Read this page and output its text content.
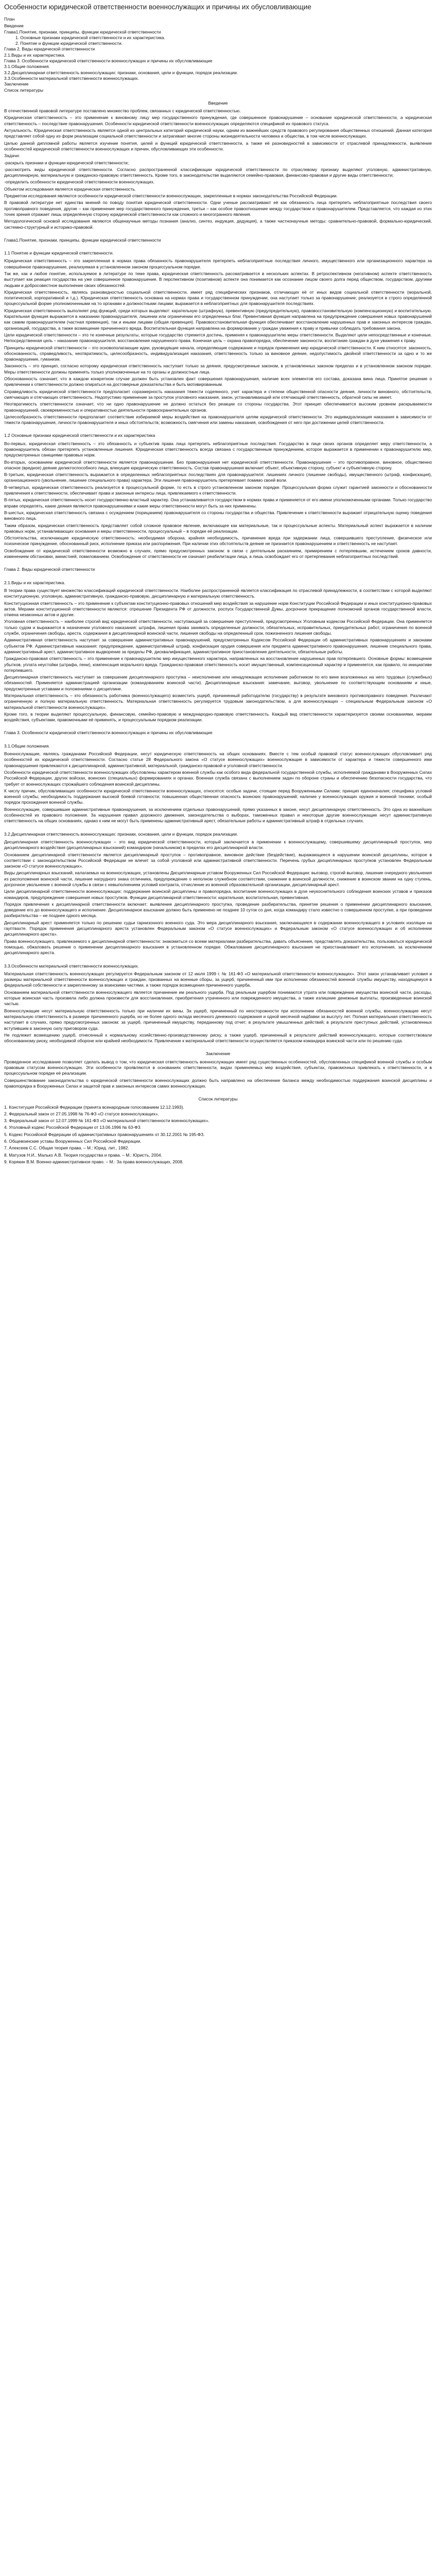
Особенности юридической ответственности военнослужащих и причины их обусловливающие
План
Введение
Глава1.Понятие, признаки, принципы, функции юридической ответственности
1. Основные признаки юридической ответственности и их характеристика.
2. Понятие и функции юридической ответственности.
Глава 2. Виды юридической ответственности
2.1.Виды и их характеристика.
Глава 3. Особенности юридической ответственности военнослужащих и причины их обусловливающие
3.1.Общие положения.
3.2.Дисциплинарная ответственность военнослужащих: признаки, основания, цели и функции, порядок реализации.
3.3.Особенности материальной ответственности военнослужащих.
Заключение
Список литературы
Введение

В отечественной правовой литературе поставлено множество проблем, связанных с юридической ответственностью.

Юридическая ответственность – это применение к виновному лицу мер государственного принуждения, где совершенное правонарушение – основание юридической ответственности, а юридическая ответственность – последствие правонарушения. Особенности юридической ответственности военнослужащих определяются спецификой их правового статуса.

Актуальность. Юридическая ответственность является одной из центральных категорий юридической науки, одним из важнейших средств правового регулирования общественных отношений. Данная категория представляет собой одну из форм реализации социальной ответственности и затрагивает многие стороны жизнедеятельности человека и общества, в том числе военнослужащих.

Целью данной дипломной работы является изучение понятия, целей и функций юридической ответственности, а также её разновидностей в зависимости от отраслевой принадлежности, выявление особенностей юридической ответственности военнослужащих и причин, обусловливающих эти особенности.

Задачи:

-раскрыть признаки и функции юридической ответственности;

-рассмотреть виды юридической ответственности. Согласно распространенной классификации юридической ответственности по отраслевому признаку выделяют уголовную, административную, дисциплинарную, материальную и гражданско-правовую ответственность. Кроме того, в законодательстве выделяются семейно-правовая, финансово-правовая и другие виды ответственности;

-определить особенности юридической ответственности военнослужащих.

Объектом исследования является юридическая ответственность.

Предметом исследования являются особенности юридической ответственности военнослужащих, закрепленные в нормах законодательства Российской Федерации.

В правовой литературе нет единства мнений по поводу понятия юридической ответственности. Одни ученые рассматривают её как обязанность лица претерпеть неблагоприятные последствия своего противоправного поведения, другие – как применение мер государственного принуждения, третьи – как особое правоотношение между государством и правонарушителем. Представляется, что каждая из этих точек зрения отражает лишь определённую сторону юридической ответственности как сложного и многогранного явления.

Методологической основой исследования являются общенаучные методы познания (анализ, синтез, индукция, дедукция), а также частнонаучные методы: сравнительно-правовой, формально-юридический, системно-структурный и историко-правовой.

Глава1.Понятие, признаки, принципы, функции юридической ответственности
1.1 Понятие и функции юридической ответственности.

Юридическая ответственность – это закрепленная в нормах права обязанность правонарушителя претерпеть неблагоприятные последствия личного, имущественного или организационного характера за совершённое правонарушение, реализуемая в установленном законом процессуальном порядке.

Так же, как и любое понятие, используемое в литературе по теме права, юридическая ответственность рассматривается в нескольких аспектах. В ретроспективном (негативном) аспекте ответственность выступает как реакция государства на уже совершенное правонарушение. В перспективном (позитивном) аспекте она понимается как осознание лицом своего долга перед обществом, государством, другими людьми и добросовестное выполнение своих обязанностей.

Юридическая ответственность, являясь разновидностью социальной ответственности, имеет ряд специфических признаков, отличающих её от иных видов социальной ответственности (моральной, политической, корпоративной и т.д.). Юридическая ответственность основана на нормах права и государственном принуждении; она наступает только за правонарушение; реализуется в строго определенной процессуальной форме уполномоченными на то органами и должностными лицами; выражается в неблагоприятных для правонарушителя последствиях.

Юридическая ответственность выполняет ряд функций, среди которых выделяют: карательную (штрафную), превентивную (предупредительную), правовосстановительную (компенсационную) и воспитательную. Карательная функция выражается в наказании правонарушителя, лишении или ограничении его определенных благ. Превентивная функция направлена на предупреждение совершения новых правонарушений как самим правонарушителем (частная превенция), так и иными лицами (общая превенция). Правовосстановительная функция обеспечивает восстановление нарушенных прав и законных интересов граждан, организаций, государства, а также возмещение причиненного вреда. Воспитательная функция направлена на формирование у граждан уважения к праву и привычки соблюдать требования закона.

Цели юридической ответственности – это те конечные результаты, которые государство стремится достичь, применяя к правонарушителю меры ответственности. Выделяют цели непосредственные и конечные. Непосредственная цель – наказание правонарушителя, восстановление нарушенного права. Конечная цель – охрана правопорядка, обеспечение законности, воспитание граждан в духе уважения к праву.

Принципы юридической ответственности – это основополагающие идеи, руководящие начала, определяющие содержание и порядок применения мер юридической ответственности. К ним относятся: законность, обоснованность, справедливость, неотвратимость, целесообразность, индивидуализация наказания, ответственность только за виновное деяние, недопустимость двойной ответственности за одно и то же правонарушение, гуманизм.

Законность – это принцип, согласно которому юридическая ответственность наступает только за деяния, предусмотренные законом, в установленных законом пределах и в установленном законом порядке. Меры ответственности должны применять только уполномоченные на то органы и должностные лица.

Обоснованность означает, что в каждом конкретном случае должен быть установлен факт совершения правонарушения, наличие всех элементов его состава, доказана вина лица. Принятое решение о привлечении к ответственности должно опираться на достоверные доказательства и быть мотивированным.

Справедливость юридической ответственности предполагает соразмерность наказания тяжести содеянного, учет характера и степени общественной опасности деяния, личности виновного, обстоятельств, смягчающих и отягчающих ответственность. Недопустимо применение за проступок уголовного наказания, закон, устанавливающий или отягчающий ответственность, обратной силы не имеет.

Неотвратимость ответственности означает, что ни одно правонарушение не должно остаться без реакции со стороны государства. Этот принцип обеспечивается высоким уровнем раскрываемости правонарушений, своевременностью и оперативностью деятельности правоохранительных органов.

Целесообразность ответственности предполагает соответствие избираемой меры воздействия на правонарушителя целям юридической ответственности. Это индивидуализация наказания в зависимости от тяжести правонарушения, личности правонарушителя и иных обстоятельств; возможность смягчения или замены наказания, освобождения от него при достижении целей ответственности.

1.2 Основные признаки юридической ответственности и их характеристика

Во-первых, юридическая ответственность – это обязанность и субъектив права лица претерпеть неблагоприятные последствия. Государство в лице своих органов определяет меру ответственности, а правонарушитель обязан претерпеть установленные лишения. Юридическая ответственность всегда связана с государственным принуждением, которое выражается в применении к правонарушителю мер, предусмотренных санкциями правовых норм.

Во-вторых, основанием юридической ответственности является правонарушение. Без правонарушения нет юридической ответственности. Правонарушение – это противоправное, виновное, общественно опасное (вредное) деяние деликтоспособного лица, влекущее юридическую ответственность. Состав правонарушения включает объект, объективную сторону, субъект и субъективную сторону.

В-третьих, юридическая ответственность выражается в определенных неблагоприятных последствиях для правонарушителя: лишениях личного (лишение свободы), имущественного (штраф, конфискация), организационного (увольнение, лишение специального права) характера. Эти лишения правонарушитель претерпевает помимо своей воли.

В-четвертых, юридическая ответственность реализуется в процессуальной форме, то есть в строго установленном законом порядке. Процессуальная форма служит гарантией законности и обоснованности привлечения к ответственности, обеспечивает права и законные интересы лица, привлекаемого к ответственности.

В-пятых, юридическая ответственность носит государственно-властный характер. Она устанавливается государством в нормах права и применяется от его имени уполномоченными органами. Только государство вправе определять, какие деяния являются правонарушениями и какие меры ответственности могут быть за них применены.

В-шестых, юридическая ответственность связана с осуждением (порицанием) правонарушителя со стороны государства и общества. Привлечение к ответственности выражает отрицательную оценку поведения виновного лица.

Таким образом, юридическая ответственность представляет собой сложное правовое явление, включающее как материальные, так и процессуальные аспекты. Материальный аспект выражается в наличии правовых норм, устанавливающих основания и меры ответственности, процессуальный – в порядке её реализации.

Обстоятельства, исключающие юридическую ответственность: необходимая оборона, крайняя необходимость, причинение вреда при задержании лица, совершившего преступление, физическое или психическое принуждение, обоснованный риск, исполнение приказа или распоряжения. При наличии этих обстоятельств деяние не признается правонарушением и ответственность не наступает.

Освобождение от юридической ответственности возможно в случаях, прямо предусмотренных законом: в связи с деятельным раскаянием, примирением с потерпевшим, истечением сроков давности, изменением обстановки, амнистией, помилованием. Освобождение от ответственности не означает реабилитации лица, а лишь освобождает его от претерпевания неблагоприятных последствий.

Глава 2. Виды юридической ответственности
2.1.Виды и их характеристика.

В теории права существует множество классификаций юридической ответственности. Наиболее распространенной является классификация по отраслевой принадлежности, в соответствии с которой выделяют конституционную, уголовную, административную, гражданско-правовую, дисциплинарную и материальную ответственность.

Конституционная ответственность – это применение к субъектам конституционно-правовых отношений мер воздействия за нарушение норм Конституции Российской Федерации и иных конституционно-правовых актов. Мерами конституционной ответственности являются: отрешение Президента РФ от должности, роспуск Государственной Думы, досрочное прекращение полномочий органов государственной власти, отмена незаконных актов и другие.

Уголовная ответственность – наиболее строгий вид юридической ответственности, наступающий за совершение преступлений, предусмотренных Уголовным кодексом Российской Федерации. Она применяется только судом и выражается в назначении уголовного наказания: штрафа, лишения права занимать определенные должности, обязательных, исправительных, принудительных работ, ограничения по военной службе, ограничения свободы, ареста, содержания в дисциплинарной воинской части, лишения свободы на определенный срок, пожизненного лишения свободы.

Административная ответственность наступает за совершение административных правонарушений, предусмотренных Кодексом Российской Федерации об административных правонарушениях и законами субъектов РФ. Административные наказания: предупреждение, административный штраф, конфискация орудия совершения или предмета административного правонарушения, лишение специального права, административный арест, административное выдворение за пределы РФ, дисквалификация, административное приостановление деятельности, обязательные работы.

Гражданско-правовая ответственность – это применение к правонарушителю мер имущественного характера, направленных на восстановление нарушенных прав потерпевшего. Основные формы: возмещение убытков, уплата неустойки (штрафа, пени), компенсация морального вреда. Гражданско-правовая ответственность носит имущественный, компенсационный характер и применяется, как правило, по инициативе потерпевшего.

Дисциплинарная ответственность наступает за совершение дисциплинарного проступка – неисполнение или ненадлежащее исполнение работником по его вине возложенных на него трудовых (служебных) обязанностей. Применяется администрацией организации (командованием воинской части). Дисциплинарные взыскания: замечание, выговор, увольнение по соответствующим основаниям и иные, предусмотренные уставами и положениями о дисциплине.

Материальная ответственность – это обязанность работника (военнослужащего) возместить ущерб, причиненный работодателю (государству) в результате виновного противоправного поведения. Различают ограниченную и полную материальную ответственность. Материальная ответственность регулируется трудовым законодательством, а для военнослужащих – специальным Федеральным законом «О материальной ответственности военнослужащих».

Кроме того, в теории выделяют процессуальную, финансовую, семейно-правовую и международно-правовую ответственность. Каждый вид ответственности характеризуется своими основаниями, мерами воздействия, субъектами, правомочными её применять, и процессуальным порядком реализации.

Глава 3. Особенности юридической ответственности военнослужащих и причины их обусловливающие
3.1.Общие положения.

Военнослужащие, являясь гражданами Российской Федерации, несут юридическую ответственность на общих основаниях. Вместе с тем особый правовой статус военнослужащих обусловливает ряд особенностей их юридической ответственности. Согласно статье 28 Федерального закона «О статусе военнослужащих» военнослужащие в зависимости от характера и тяжести совершенного ими правонарушения привлекаются к дисциплинарной, административной, материальной, гражданско-правовой и уголовной ответственности.

Особенности юридической ответственности военнослужащих обусловлены характером военной службы как особого вида федеральной государственной службы, исполняемой гражданами в Вооруженных Силах Российской Федерации, других войсках, воинских (специальных) формированиях и органах. Военная служба связана с выполнением задач по обороне страны и обеспечению безопасности государства, что требует от военнослужащих строжайшего соблюдения воинской дисциплины.

К числу причин, обусловливающих особенности юридической ответственности военнослужащих, относятся: особые задачи, стоящие перед Вооруженными Силами; принцип единоначалия; специфика условий военной службы; необходимость поддержания высокой боевой готовности; повышенная общественная опасность воинских правонарушений; наличие у военнослужащих оружия и военной техники; особый порядок прохождения военной службы.

Военнослужащие, совершившие административные правонарушения, за исключением отдельных правонарушений, прямо указанных в законе, несут дисциплинарную ответственность. Это одна из важнейших особенностей их правового положения. За нарушения правил дорожного движения, законодательства о выборах, таможенных правил и некоторые другие военнослужащие несут административную ответственность на общих основаниях, однако к ним не могут быть применены административный арест, обязательные работы и административный штраф в отдельных случаях.

3.2.Дисциплинарная ответственность военнослужащих: признаки, основания, цели и функции, порядок реализации.

Дисциплинарная ответственность военнослужащих – это вид юридической ответственности, который заключается в применении к военнослужащему, совершившему дисциплинарный проступок, мер дисциплинарного воздействия (дисциплинарных взысканий) командиром (начальником) в пределах его дисциплинарной власти.

Основанием дисциплинарной ответственности является дисциплинарный проступок – противоправное, виновное действие (бездействие), выражающееся в нарушении воинской дисциплины, которое в соответствии с законодательством Российской Федерации не влечет за собой уголовной или административной ответственности. Перечень грубых дисциплинарных проступков установлен Федеральным законом «О статусе военнослужащих».

Виды дисциплинарных взысканий, налагаемых на военнослужащих, установлены Дисциплинарным уставом Вооруженных Сил Российской Федерации: выговор, строгий выговор, лишение очередного увольнения из расположения воинской части, лишение нагрудного знака отличника, предупреждение о неполном служебном соответствии, снижение в воинской должности, снижение в воинском звании на одну ступень, досрочное увольнение с военной службы в связи с невыполнением условий контракта, отчисление из военной образовательной организации, дисциплинарный арест.

Цели дисциплинарной ответственности военнослужащих: поддержание воинской дисциплины и правопорядка, воспитание военнослужащих в духе неукоснительного соблюдения воинских уставов и приказов командиров, предупреждение совершения новых проступков. Функции дисциплинарной ответственности: карательная, воспитательная, превентивная.

Порядок привлечения к дисциплинарной ответственности включает: выявление дисциплинарного проступка, проведение разбирательства, принятие решения о применении дисциплинарного взыскания, доведение его до военнослужащего и исполнение. Дисциплинарное взыскание должно быть применено не позднее 10 суток со дня, когда командиру стало известно о совершенном проступке, а при проведении разбирательства – не позднее одного месяца.

Дисциплинарный арест применяется только по решению судьи гарнизонного военного суда. Это мера дисциплинарного взыскания, заключающаяся в содержании военнослужащего в условиях изоляции на гауптвахте. Порядок применения дисциплинарного ареста установлен Федеральным законом «О статусе военнослужащих» и Федеральным законом «О статусе военнослужащих и об исполнении дисциплинарного ареста».

Права военнослужащего, привлекаемого к дисциплинарной ответственности: знакомиться со всеми материалами разбирательства, давать объяснения, представлять доказательства, пользоваться юридической помощью, обжаловать решение о применении дисциплинарного взыскания в установленном порядке. Обжалование дисциплинарного взыскания не приостанавливает его исполнения, за исключением дисциплинарного ареста.

3.3.Особенности материальной ответственности военнослужащих.

Материальная ответственность военнослужащих регулируется Федеральным законом от 12 июля 1999 г. № 161-ФЗ «О материальной ответственности военнослужащих». Этот закон устанавливает условия и размеры материальной ответственности военнослужащих и граждан, призванных на военные сборы, за ущерб, причиненный ими при исполнении обязанностей военной службы имуществу, находящемуся в федеральной собственности и закрепленному за воинскими частями, а также порядок возмещения причиненного ущерба.

Основанием материальной ответственности военнослужащего является причинение им реального ущерба. Под реальным ущербом понимаются утрата или повреждение имущества воинской части, расходы, которые воинская часть произвела либо должна произвести для восстановления, приобретения утраченного или поврежденного имущества, а также излишние денежные выплаты, произведенные воинской частью.

Военнослужащие несут материальную ответственность только при наличии их вины. За ущерб, причиненный по неосторожности при исполнении обязанностей военной службы, военнослужащие несут материальную ответственность в размере причиненного ущерба, но не более одного оклада месячного денежного содержания и одной месячной надбавки за выслугу лет. Полная материальная ответственность наступает в случаях, прямо предусмотренных законом: за ущерб, причиненный имуществу, переданному под отчет; в результате умышленных действий; в результате преступных действий, установленных вступившим в законную силу приговором суда.

Не подлежит возмещению ущерб, отнесенный к нормальному хозяйственно-производственному риску, а также ущерб, причиненный в результате действий военнослужащего, которые соответствовали обоснованному риску, необходимой обороне или крайней необходимости. Привлечение к материальной ответственности осуществляется приказом командира воинской части или по решению суда.

Заключение

Проведенное исследование позволяет сделать вывод о том, что юридическая ответственность военнослужащих имеет ряд существенных особенностей, обусловленных спецификой военной службы и особым правовым статусом военнослужащих. Эти особенности проявляются в основаниях ответственности, видах применяемых мер воздействия, субъектах, правомочных привлекать к ответственности, и в процессуальном порядке её реализации.

Совершенствование законодательства о юридической ответственности военнослужащих должно быть направлено на обеспечение баланса между необходимостью поддержания воинской дисциплины и правопорядка в Вооруженных Силах и защитой прав и законных интересов самих военнослужащих.

Список литературы

1. Конституция Российской Федерации (принята всенародным голосованием 12.12.1993).

2. Федеральный закон от 27.05.1998 № 76-ФЗ «О статусе военнослужащих».

3. Федеральный закон от 12.07.1999 № 161-ФЗ «О материальной ответственности военнослужащих».

4. Уголовный кодекс Российской Федерации от 13.06.1996 № 63-ФЗ.

5. Кодекс Российской Федерации об административных правонарушениях от 30.12.2001 № 195-ФЗ.

6. Общевоинские уставы Вооруженных Сил Российской Федерации.

7. Алексеев С.С. Общая теория права. – М.: Юрид. лит., 1982.

8. Матузов Н.И., Малько А.В. Теория государства и права. – М.: Юристъ, 2004.

9. Корякин В.М. Военно-административное право. – М.: За права военнослужащих, 2008.
